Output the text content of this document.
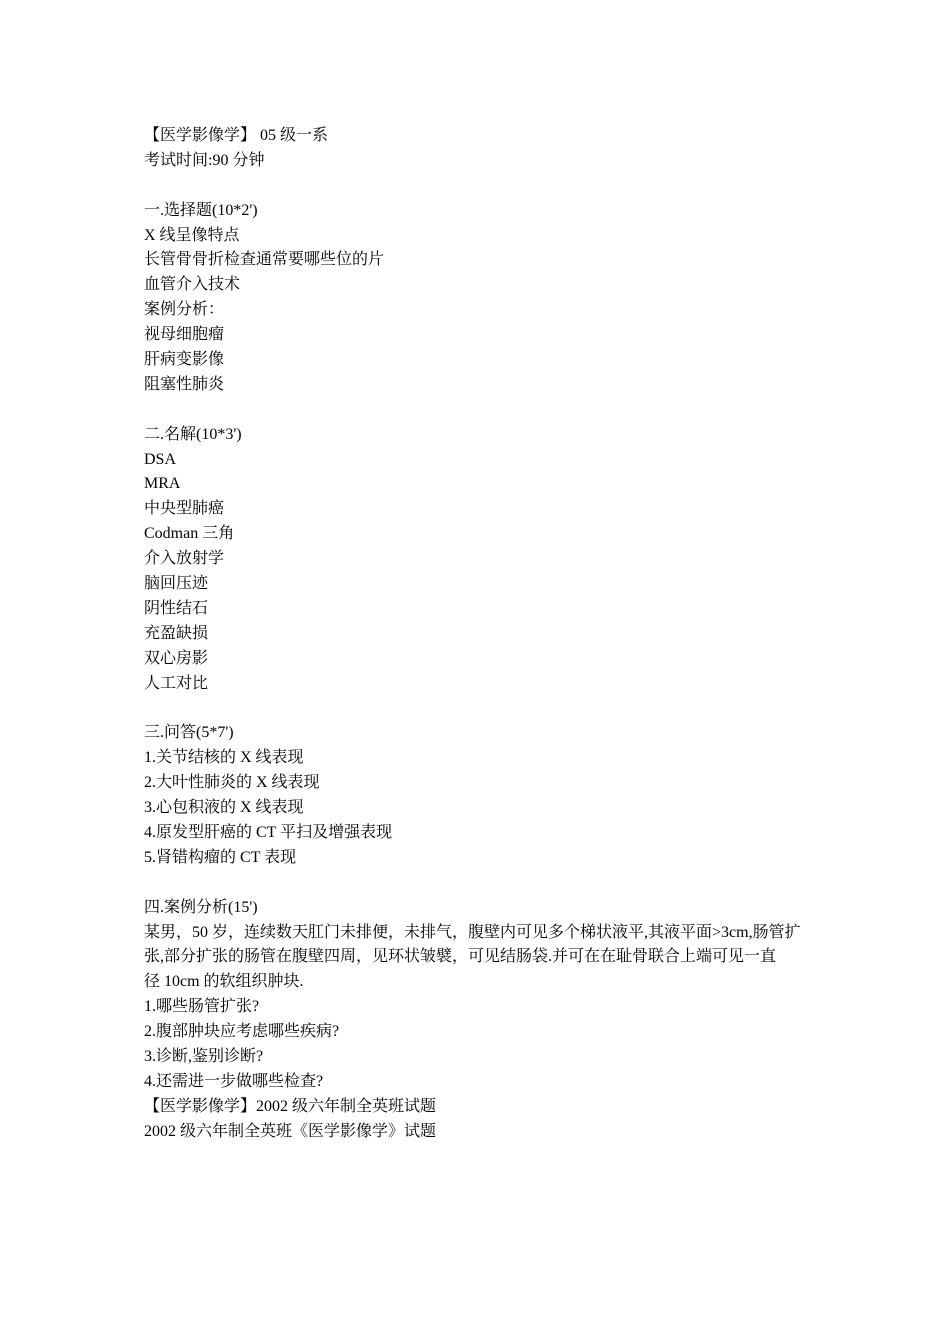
【医学影像学】 05 级一系
考试时间:90 分钟
一.选择题(10*2')
X 线呈像特点
长管骨骨折检查通常要哪些位的片
血管介入技术
案例分析：
视母细胞瘤
肝病变影像
阻塞性肺炎
二.名解(10*3')
DSA
MRA
中央型肺癌
Codman 三角
介入放射学
脑回压迹
阴性结石
充盈缺损
双心房影
人工对比
三.问答(5*7')
1.关节结核的 X 线表现
2.大叶性肺炎的 X 线表现
3.心包积液的 X 线表现
4.原发型肝癌的 CT 平扫及增强表现
5.肾错构瘤的 CT 表现
四.案例分析(15')
某男，50 岁，连续数天肛门未排便，未排气，腹壁内可见多个梯状液平,其液平面>3cm,肠管扩
张,部分扩张的肠管在腹壁四周，见环状皱襞，可见结肠袋.并可在在耻骨联合上端可见一直
径 10cm 的软组织肿块.
1.哪些肠管扩张?
2.腹部肿块应考虑哪些疾病?
3.诊断,鉴别诊断?
4.还需进一步做哪些检查?
【医学影像学】2002 级六年制全英班试题
2002 级六年制全英班《医学影像学》试题
